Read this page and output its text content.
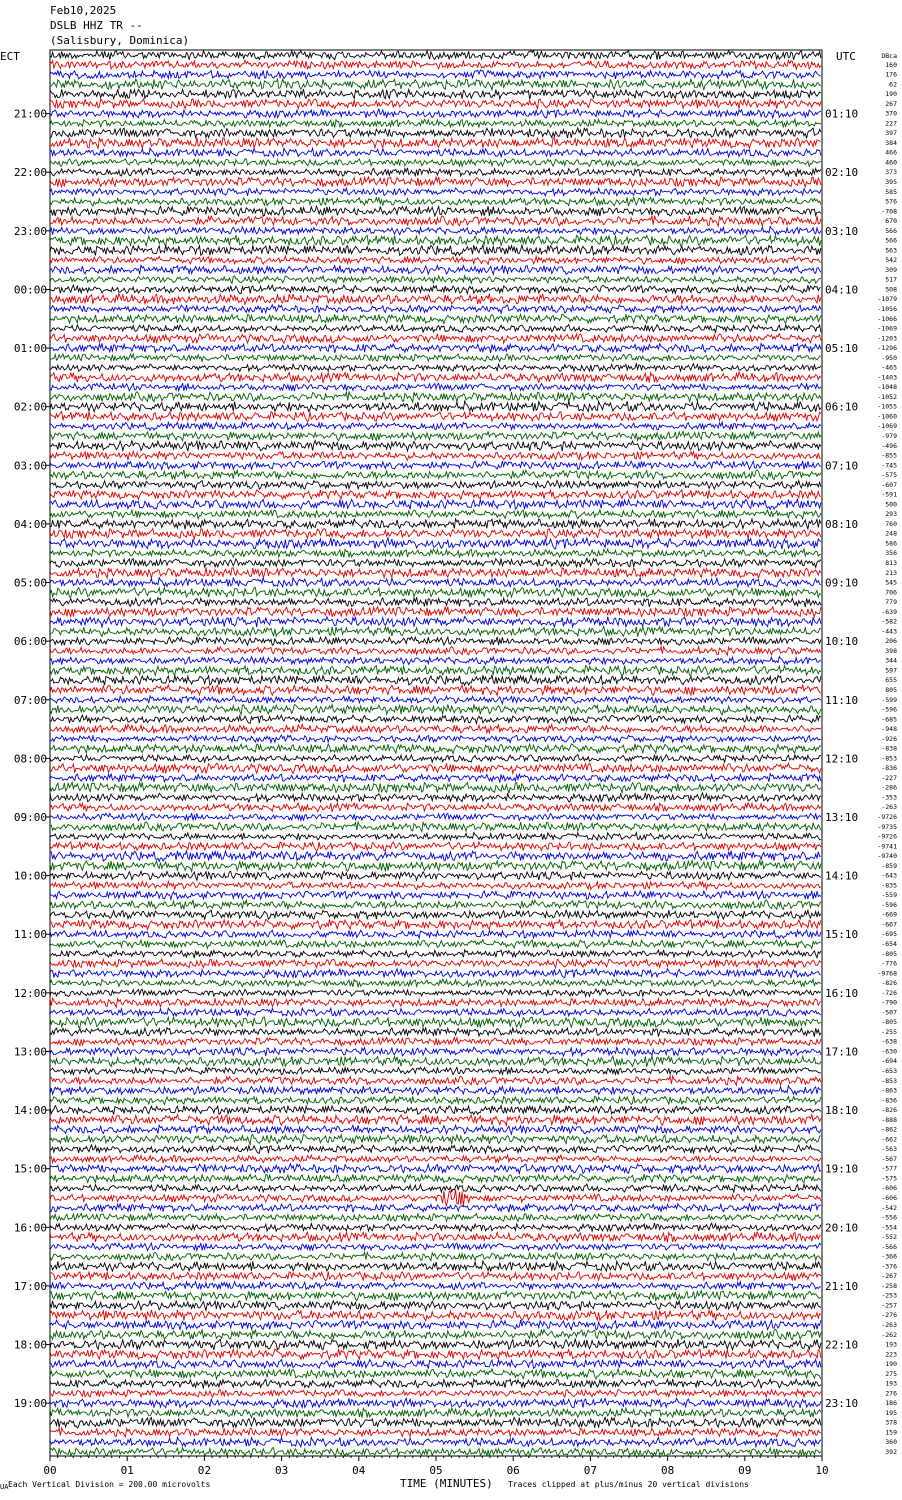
Feb10,2025
DSLB HHZ TR --
(Salisbury, Dominica)
ECT	UTC
21:00
22:00
23:00
00:00
01:00
02:00
03:00
04:00
05:00
06:00
07:00
08:00
09:00
10:00
11:00
12:00
13:00
14:00
15:00
16:00
17:00
18:00
19:00
01:10
02:10
03:10
04:10
05:10
06:10
07:10
08:10
09:10
10:10
11:10
12:10
13:10
14:10
15:10
16:10
17:10
18:10
19:10
20:10
21:10
22:10
23:10
DBca
160
176
62
190
267
370
227
397
384
466
460
373
395
585
576
-708
670
566
566
563
542
309
517
508
-1079
-1056
-1066
-1069
-1203
-1296
-950
-465
-1403
-1048
-1052
-1055
-1060
-1069
-979
-496
-855
-745
-575
-607
-591
500
293
760
248
586
356
813
213
545
706
779
-639
-582
-443
206
398
344
597
655
805
-599
-596
-685
-948
-926
-838
-853
-836
-227
-286
-353
-263
-9726
-9735
-9726
-9741
-9740
-859
-643
-835
-559
-596
-669
-667
-695
-654
-805
-776
-9768
-826
-726
-790
-507
-805
-255
-638
-630
-694
-653
-853
-863
-836
-826
-888
-862
-662
-563
-567
-577
-575
-606
-606
-542
-556
-554
-552
-566
-366
-376
-267
-258
-253
-257
-276
-263
-262
193
223
190
275
193
276
186
195
378
159
360
392
00	01	02	03	04	05	06	07	08	09	10
TIME (MINUTES)
Each Vertical Division = 200.00 microvolts	Traces clipped at plus/minus 20 vertical divisions
UA
